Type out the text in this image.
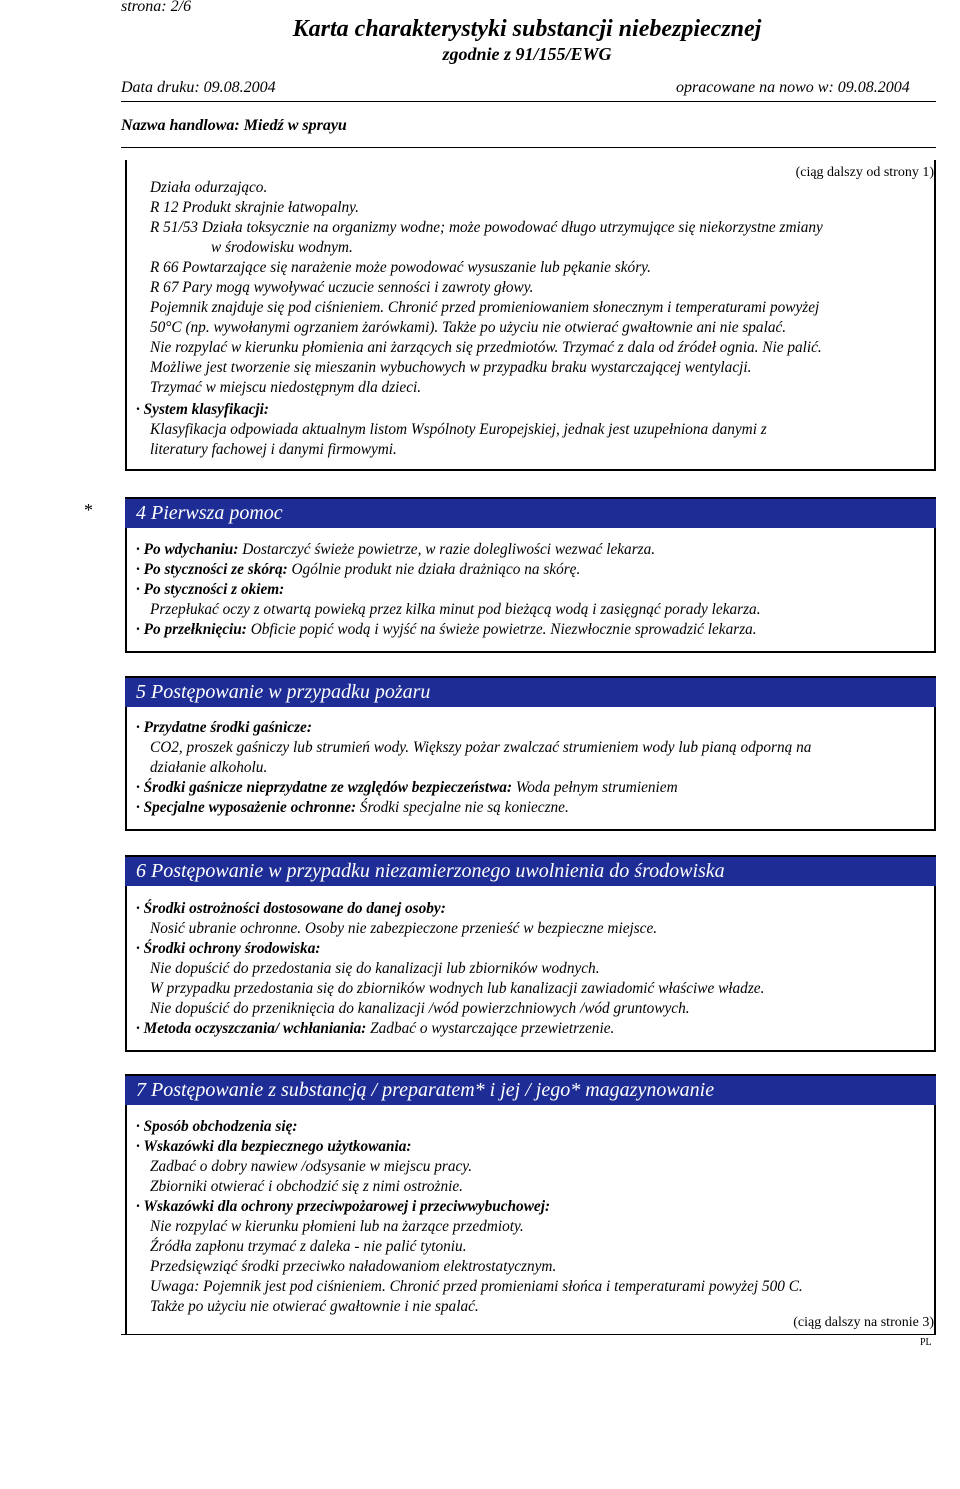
strona: 2/6
Karta charakterystyki substancji niebezpiecznej
zgodnie z 91/155/EWG
Data druku: 09.08.2004	opracowane na nowo w: 09.08.2004
Nazwa handlowa: Miedź w sprayu
(ciąg dalszy od strony 1)
Działa odurzająco.
R 12 Produkt skrajnie łatwopalny.
R 51/53 Działa toksycznie na organizmy wodne; może powodować długo utrzymujące się niekorzystne zmiany
w środowisku wodnym.
R 66 Powtarzające się narażenie może powodować wysuszanie lub pękanie skóry.
R 67 Pary mogą wywoływać uczucie senności i zawroty głowy.
Pojemnik znajduje się pod ciśnieniem. Chronić przed promieniowaniem słonecznym i temperaturami powyżej
50°C (np. wywołanymi ogrzaniem żarówkami). Także po użyciu nie otwierać gwałtownie ani nie spalać.
Nie rozpylać w kierunku płomienia ani żarzących się przedmiotów. Trzymać z dala od źródeł ognia. Nie palić.
Możliwe jest tworzenie się mieszanin wybuchowych w przypadku braku wystarczającej wentylacji.
Trzymać w miejscu niedostępnym dla dzieci.
· System klasyfikacji:
Klasyfikacja odpowiada aktualnym listom Wspólnoty Europejskiej, jednak jest uzupełniona danymi z
literatury fachowej i danymi firmowymi.
*	4 Pierwsza pomoc
· Po wdychaniu: Dostarczyć świeże powietrze, w razie dolegliwości wezwać lekarza.
· Po styczności ze skórą: Ogólnie produkt nie działa drażniąco na skórę.
· Po styczności z okiem:
Przepłukać oczy z otwartą powieką przez kilka minut pod bieżącą wodą i zasięgnąć porady lekarza.
· Po przełknięciu: Obficie popić wodą i wyjść na świeże powietrze. Niezwłocznie sprowadzić lekarza.
5 Postępowanie w przypadku pożaru
· Przydatne środki gaśnicze:
CO2, proszek gaśniczy lub strumień wody. Większy pożar zwalczać strumieniem wody lub pianą odporną na
działanie alkoholu.
· Środki gaśnicze nieprzydatne ze względów bezpieczeństwa: Woda pełnym strumieniem
· Specjalne wyposażenie ochronne: Środki specjalne nie są konieczne.
6 Postępowanie w przypadku niezamierzonego uwolnienia do środowiska
· Środki ostrożności dostosowane do danej osoby:
Nosić ubranie ochronne. Osoby nie zabezpieczone przenieść w bezpieczne miejsce.
· Środki ochrony środowiska:
Nie dopuścić do przedostania się do kanalizacji lub zbiorników wodnych.
W przypadku przedostania się do zbiorników wodnych lub kanalizacji zawiadomić właściwe władze.
Nie dopuścić do przeniknięcia do kanalizacji /wód powierzchniowych /wód gruntowych.
· Metoda oczyszczania/ wchłaniania: Zadbać o wystarczające przewietrzenie.
7 Postępowanie z substancją / preparatem* i jej / jego* magazynowanie
· Sposób obchodzenia się:
· Wskazówki dla bezpiecznego użytkowania:
Zadbać o dobry nawiew /odsysanie w miejscu pracy.
Zbiorniki otwierać i obchodzić się z nimi ostrożnie.
· Wskazówki dla ochrony przeciwpożarowej i przeciwwybuchowej:
Nie rozpylać w kierunku płomieni lub na żarzące przedmioty.
Źródła zapłonu trzymać z daleka - nie palić tytoniu.
Przedsięwziąć środki przeciwko naładowaniom elektrostatycznym.
Uwaga: Pojemnik jest pod ciśnieniem. Chronić przed promieniami słońca i temperaturami powyżej 500 C.
Także po użyciu nie otwierać gwałtownie i nie spalać.
(ciąg dalszy na stronie 3)
PL
